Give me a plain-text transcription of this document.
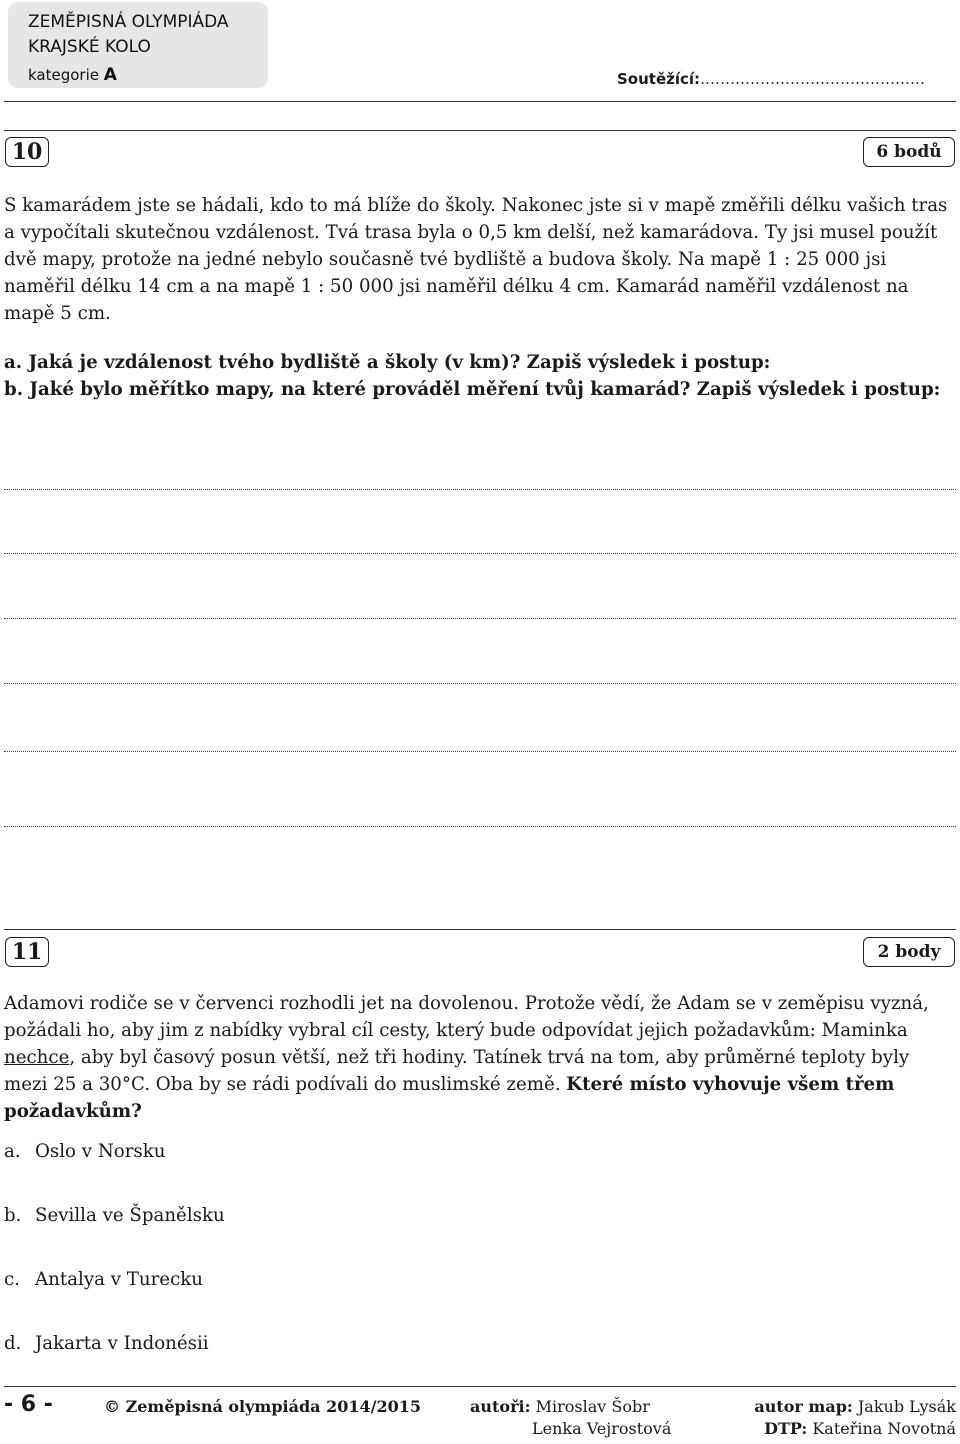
ZEMĚPISNÁ OLYMPIÁDA
KRAJSKÉ KOLO
kategorie A	Soutěžící:………………………………………
10	6 bodů

S kamarádem jste se hádali, kdo to má blíže do školy. Nakonec jste si v mapě změřili délku vašich tras a vypočítali skutečnou vzdálenost. Tvá trasa byla o 0,5 km delší, než kamarádova. Ty jsi musel použít dvě mapy, protože na jedné nebylo současně tvé bydliště a budova školy. Na mapě 1 : 25 000 jsi naměřil délku 14 cm a na mapě 1 : 50 000 jsi naměřil délku 4 cm. Kamarád naměřil vzdálenost na mapě 5 cm.

a. Jaká je vzdálenost tvého bydliště a školy (v km)? Zapiš výsledek i postup:
b. Jaké bylo měřítko mapy, na které prováděl měření tvůj kamarád? Zapiš výsledek i postup:
11	2 body

Adamovi rodiče se v červenci rozhodli jet na dovolenou. Protože vědí, že Adam se v zeměpisu vyzná, požádali ho, aby jim z nabídky vybral cíl cesty, který bude odpovídat jejich požadavkům: Maminka nechce, aby byl časový posun větší, než tři hodiny. Tatínek trvá na tom, aby průměrné teploty byly mezi 25 a 30°C. Oba by se rádi podívali do muslimské země. Které místo vyhovuje všem třem požadavkům?

a. Oslo v Norsku
b. Sevilla ve Španělsku
c. Antalya v Turecku
d. Jakarta v Indonésii
- 6 -	© Zeměpisná olympiáda 2014/2015	autoři: Miroslav Šobr
Lenka Vejrostová
autor map: Jakub Lysák
DTP: Kateřina Novotná
